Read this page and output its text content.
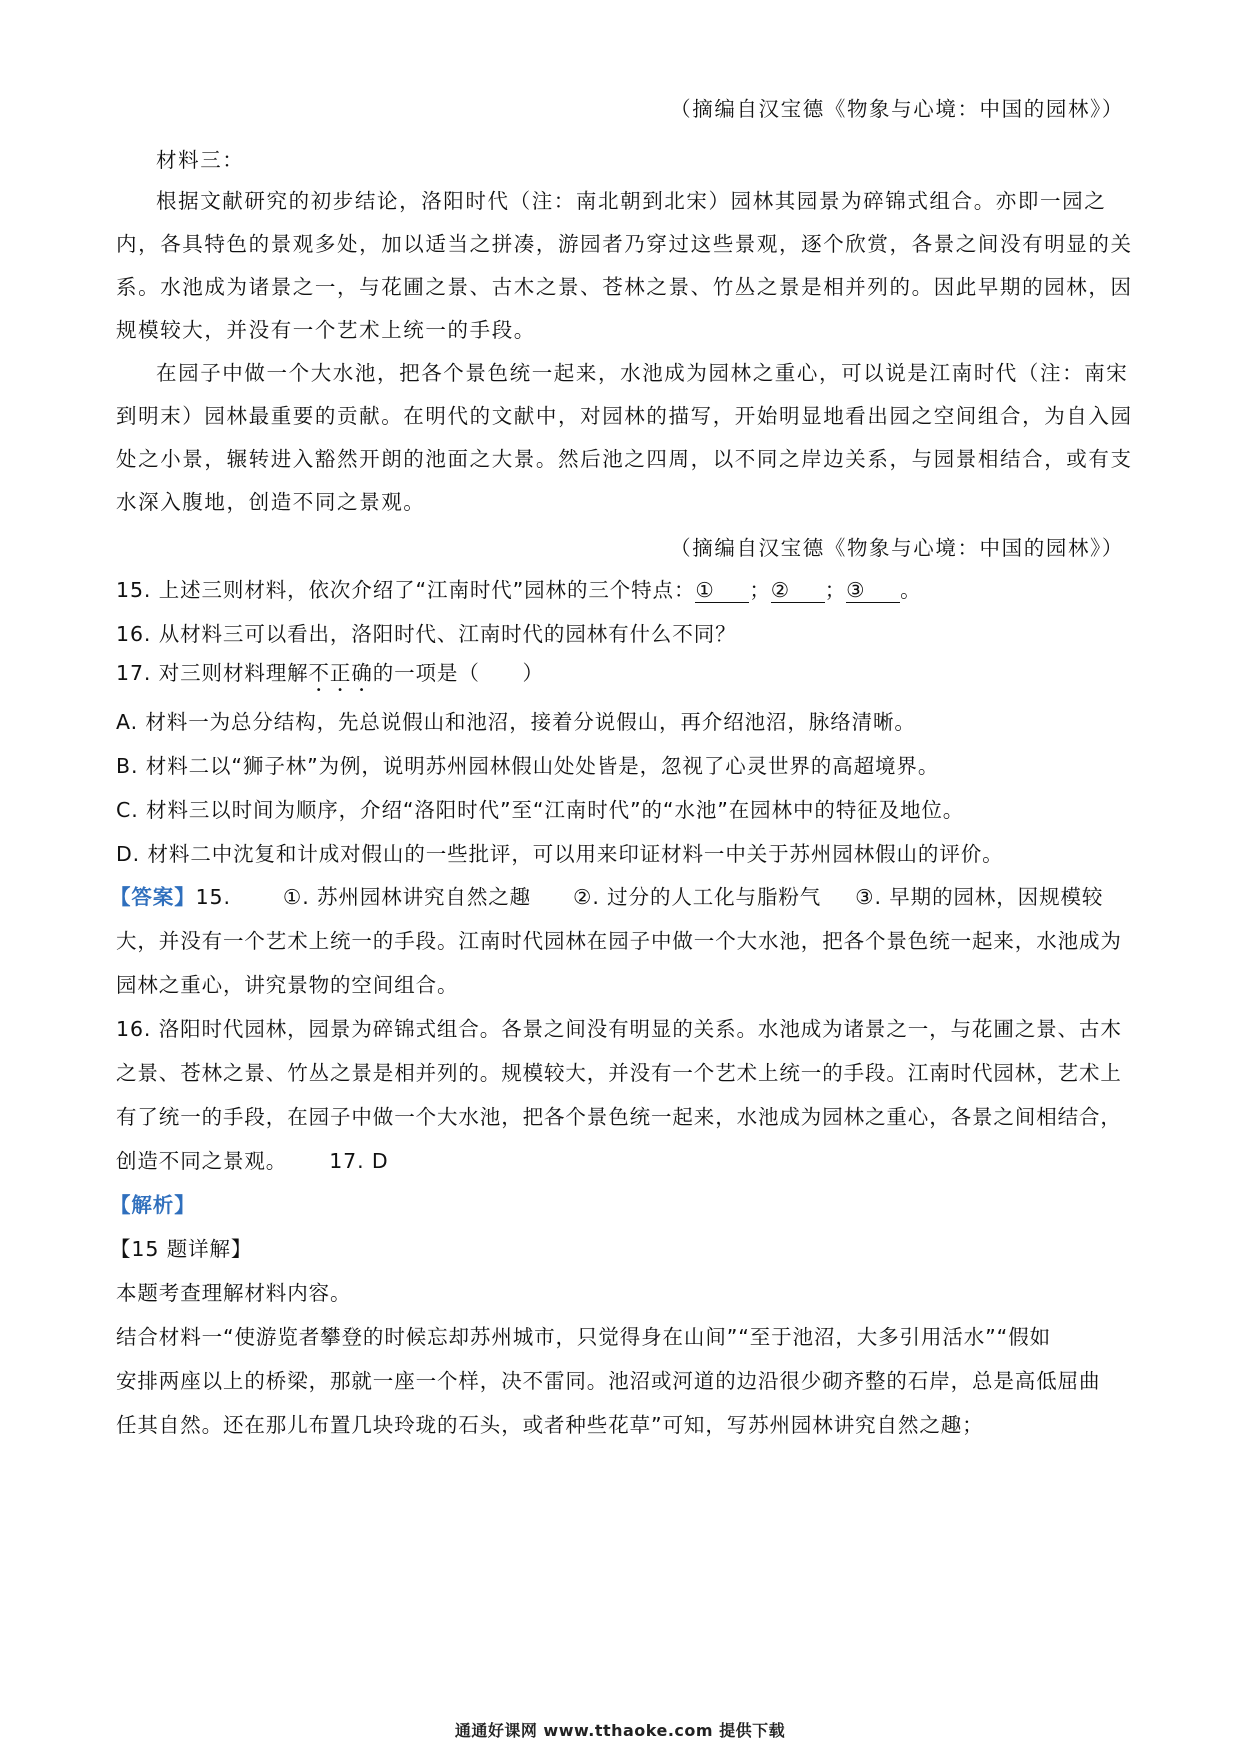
（摘编自汉宝德《物象与心境：中国的园林》）
材料三：
根据文献研究的初步结论，洛阳时代（注：南北朝到北宋）园林其园景为碎锦式组合。亦即一园之
内，各具特色的景观多处，加以适当之拼凑，游园者乃穿过这些景观，逐个欣赏，各景之间没有明显的关
系。水池成为诸景之一，与花圃之景、古木之景、苍林之景、竹丛之景是相并列的。因此早期的园林，因
规模较大，并没有一个艺术上统一的手段。
在园子中做一个大水池，把各个景色统一起来，水池成为园林之重心，可以说是江南时代（注：南宋
到明末）园林最重要的贡献。在明代的文献中，对园林的描写，开始明显地看出园之空间组合，为自入园
处之小景，辗转进入豁然开朗的池面之大景。然后池之四周，以不同之岸边关系，与园景相结合，或有支
水深入腹地，创造不同之景观。
（摘编自汉宝德《物象与心境：中国的园林》）
15. 上述三则材料，依次介绍了“江南时代”园林的三个特点：① ；② ；③ 。
16. 从材料三可以看出，洛阳时代、江南时代的园林有什么不同？
17. 对三则材料理解不正确的一项是（　　）
A. 材料一为总分结构，先总说假山和池沼，接着分说假山，再介绍池沼，脉络清晰。
B. 材料二以“狮子林”为例，说明苏州园林假山处处皆是，忽视了心灵世界的高超境界。
C. 材料三以时间为顺序，介绍“洛阳时代”至“江南时代”的“水池”在园林中的特征及地位。
D. 材料二中沈复和计成对假山的一些批评，可以用来印证材料一中关于苏州园林假山的评价。
【答案】15.	①. 苏州园林讲究自然之趣 ②. 过分的人工化与脂粉气 ③. 早期的园林，因规模较
大，并没有一个艺术上统一的手段。江南时代园林在园子中做一个大水池，把各个景色统一起来，水池成为
园林之重心，讲究景物的空间组合。
16. 洛阳时代园林，园景为碎锦式组合。各景之间没有明显的关系。水池成为诸景之一，与花圃之景、古木
之景、苍林之景、竹丛之景是相并列的。规模较大，并没有一个艺术上统一的手段。江南时代园林，艺术上
有了统一的手段，在园子中做一个大水池，把各个景色统一起来，水池成为园林之重心，各景之间相结合，
创造不同之景观。 17. D
【解析】
【15 题详解】
本题考查理解材料内容。
结合材料一“使游览者攀登的时候忘却苏州城市，只觉得身在山间”“至于池沼，大多引用活水”“假如
安排两座以上的桥梁，那就一座一个样，决不雷同。池沼或河道的边沿很少砌齐整的石岸，总是高低屈曲
任其自然。还在那儿布置几块玲珑的石头，或者种些花草”可知，写苏州园林讲究自然之趣；
通通好课网 www.tthaoke.com 提供下载
